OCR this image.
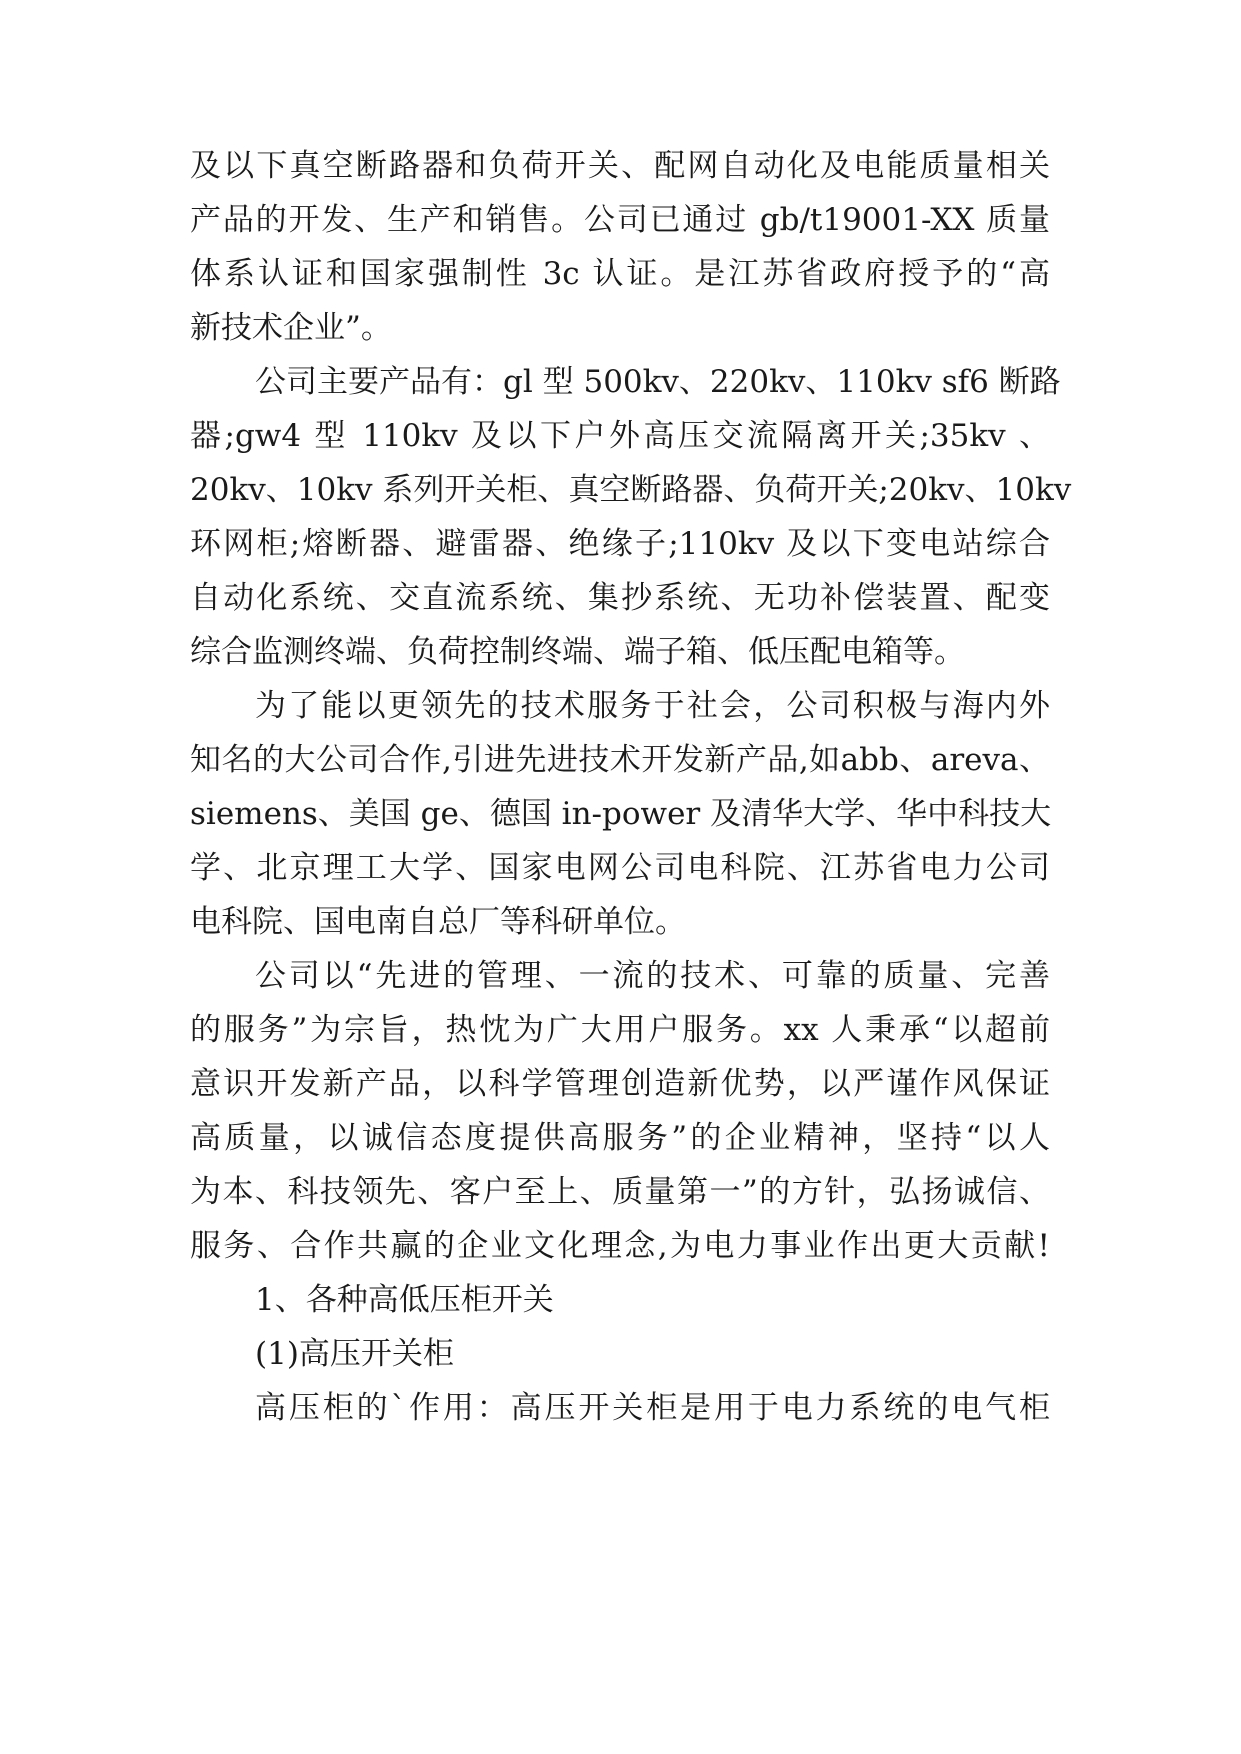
及以下真空断路器和负荷开关、配网自动化及电能质量相关
产品的开发、生产和销售。公司已通过 gb/t19001-XX 质量
体系认证和国家强制性 3c 认证。是江苏省政府授予的“高
新技术企业”。
公司主要产品有：gl 型 500kv、220kv、110kv sf6 断路
器;gw4 型 110kv 及以下户外高压交流隔离开关;35kv 、
20kv、10kv 系列开关柜、真空断路器、负荷开关;20kv、10kv
环网柜;熔断器、避雷器、绝缘子;110kv 及以下变电站综合
自动化系统、交直流系统、集抄系统、无功补偿装置、配变
综合监测终端、负荷控制终端、端子箱、低压配电箱等。
为了能以更领先的技术服务于社会，公司积极与海内外
知名的大公司合作,引进先进技术开发新产品,如abb、areva、
siemens、美国 ge、德国 in-power 及清华大学、华中科技大
学、北京理工大学、国家电网公司电科院、江苏省电力公司
电科院、国电南自总厂等科研单位。
公司以“先进的管理、一流的技术、可靠的质量、完善
的服务”为宗旨，热忱为广大用户服务。xx 人秉承“以超前
意识开发新产品，以科学管理创造新优势，以严谨作风保证
高质量，以诚信态度提供高服务”的企业精神，坚持“以人
为本、科技领先、客户至上、质量第一”的方针，弘扬诚信、
服务、合作共赢的企业文化理念,为电力事业作出更大贡献!
1、各种高低压柜开关
(1)高压开关柜
高压柜的`作用：高压开关柜是用于电力系统的电气柜
